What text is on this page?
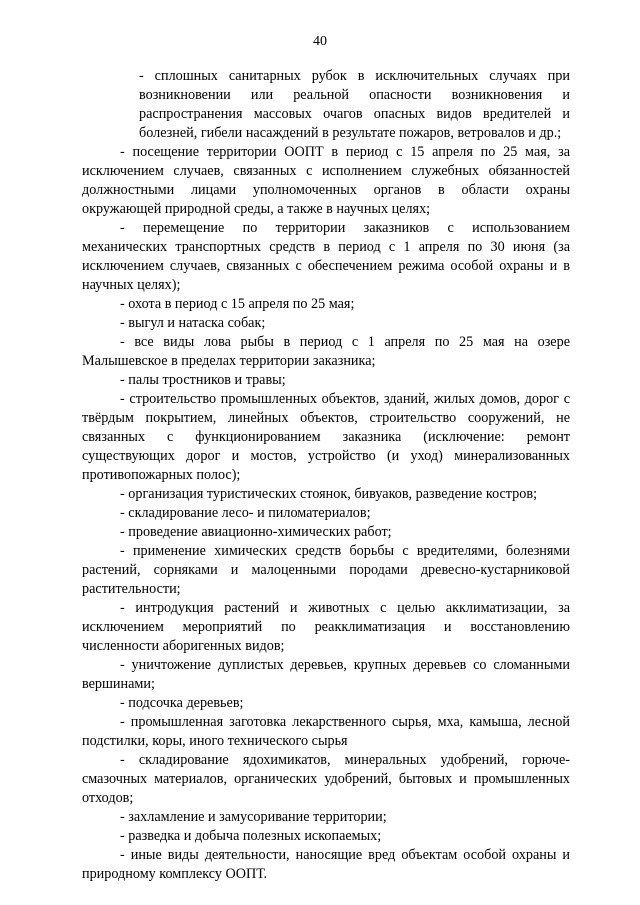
40

- сплошных санитарных рубок в исключительных случаях при возникновении или реальной опасности возникновения и распространения массовых очагов опасных видов вредителей и болезней, гибели насаждений в результате пожаров, ветровалов и др.;

- посещение территории ООПТ в период с 15 апреля по 25 мая, за исключением случаев, связанных с исполнением служебных обязанностей должностными лицами уполномоченных органов в области охраны окружающей природной среды, а также в научных целях;

- перемещение по территории заказников с использованием механических транспортных средств в период с 1 апреля по 30 июня (за исключением случаев, связанных с обеспечением режима особой охраны и в научных целях);

- охота в период с 15 апреля по 25 мая;

- выгул и натаска собак;

- все виды лова рыбы в период с 1 апреля по 25 мая на озере Малышевское в пределах территории заказника;

- палы тростников и травы;

- строительство промышленных объектов, зданий, жилых домов, дорог с твёрдым покрытием, линейных объектов, строительство сооружений, не связанных с функционированием заказника (исключение: ремонт существующих дорог и мостов, устройство (и уход) минерализованных противопожарных полос);

- организация туристических стоянок, бивуаков, разведение костров;

- складирование лесо- и пиломатериалов;

- проведение авиационно-химических работ;

- применение химических средств борьбы с вредителями, болезнями растений, сорняками и малоценными породами древесно-кустарниковой растительности;

- интродукция растений и животных с целью акклиматизации, за исключением мероприятий по реакклиматизация и восстановлению численности аборигенных видов;

- уничтожение дуплистых деревьев, крупных деревьев со сломанными вершинами;

- подсочка деревьев;

- промышленная заготовка лекарственного сырья, мха, камыша, лесной подстилки, коры, иного технического сырья

- складирование ядохимикатов, минеральных удобрений, горюче-смазочных материалов, органических удобрений, бытовых и промышленных отходов;

- захламление и замусоривание территории;

- разведка и добыча полезных ископаемых;

- иные виды деятельности, наносящие вред объектам особой охраны и природному комплексу ООПТ.
